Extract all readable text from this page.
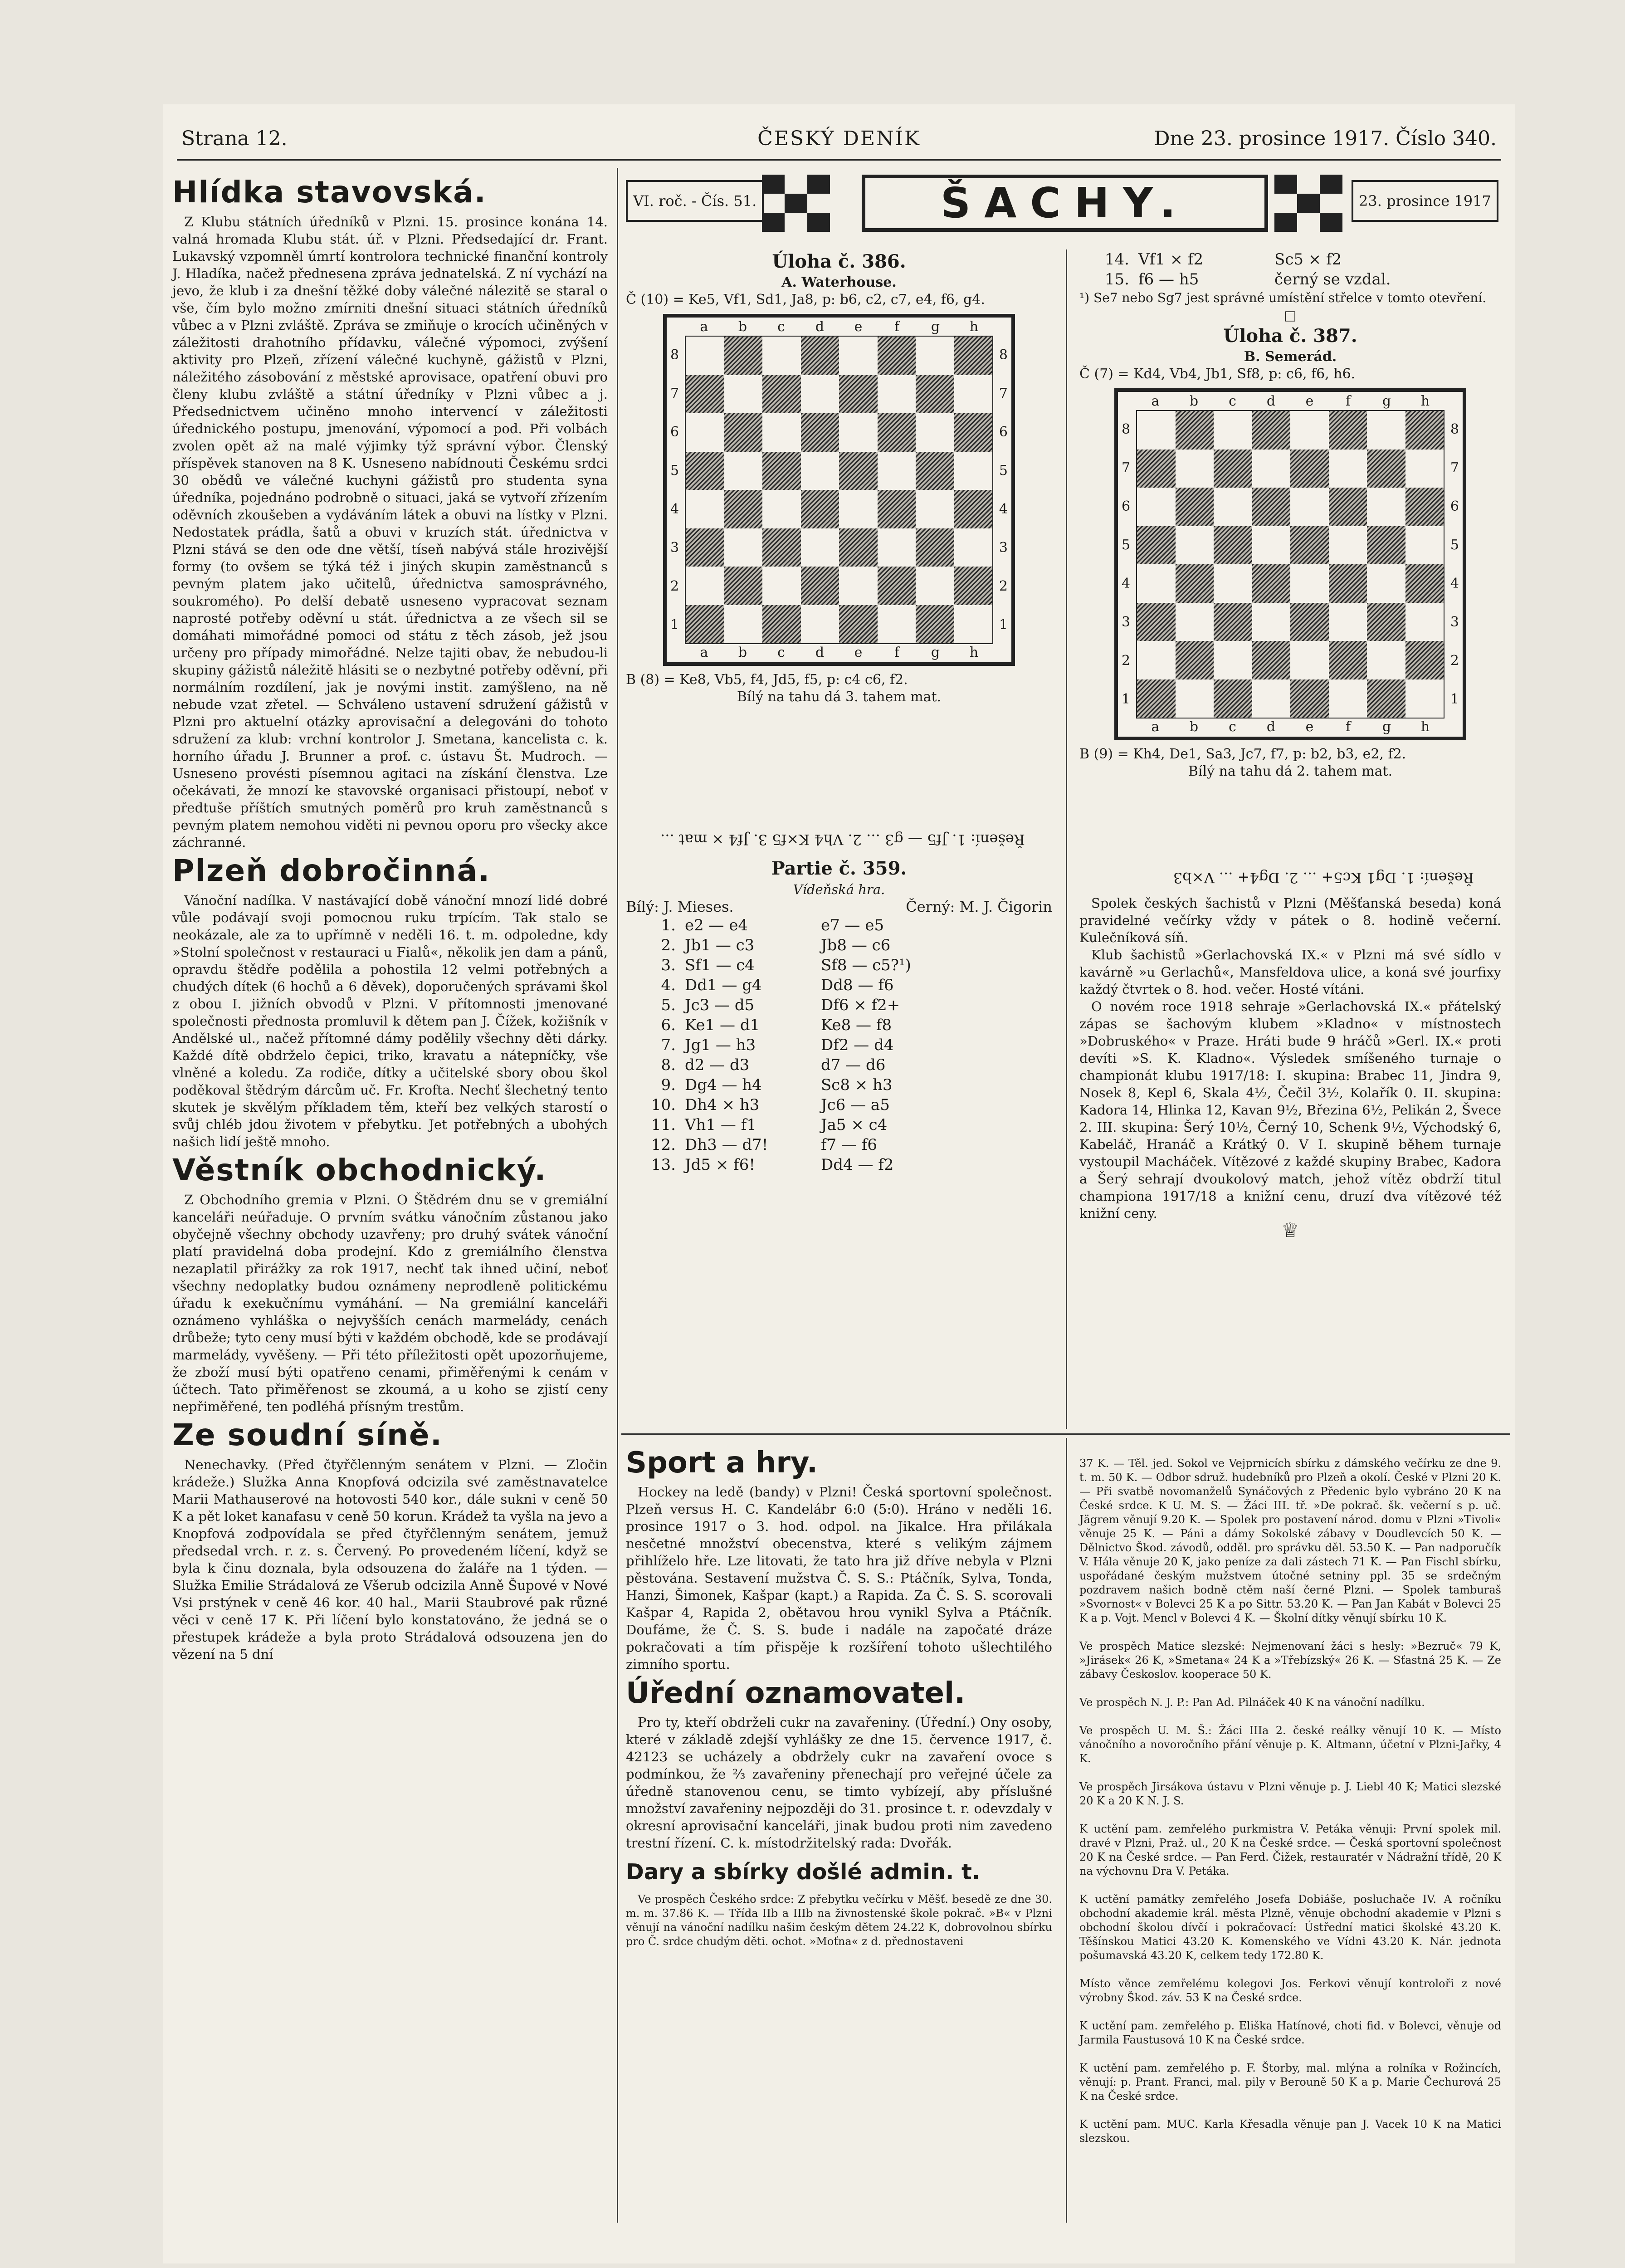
Strana 12.	ČESKÝ DENÍK	Dne 23. prosince 1917. Číslo 340.
Hlídka stavovská.

Z Klubu státních úředníků v Plzni. 15. prosince konána 14. valná hromada Klubu stát. úř. v Plzni. Předsedající dr. Frant. Lukavský vzpomněl úmrtí kontrolora technické finanční kontroly J. Hladíka, načež přednesena zpráva jednatelská. Z ní vychází na jevo, že klub i za dnešní těžké doby válečné nálezitě se staral o vše, čím bylo možno zmírniti dnešní situaci státních úředníků vůbec a v Plzni zvláště. Zpráva se zmiňuje o krocích učiněných v záležitosti drahotního přídavku, válečné výpomoci, zvýšení aktivity pro Plzeň, zřízení válečné kuchyně, gážistů v Plzni, náležitého zásobování z městské aprovisace, opatření obuvi pro členy klubu zvláště a státní úředníky v Plzni vůbec a j. Předsednictvem učiněno mnoho intervencí v záležitosti úřednického postupu, jmenování, výpomocí a pod. Při volbách zvolen opět až na malé výjimky týž správní výbor. Členský příspěvek stanoven na 8 K. Usneseno nabídnouti Českému srdci 30 obědů ve válečné kuchyni gážistů pro studenta syna úředníka, pojednáno podrobně o situaci, jaká se vytvoří zřízením oděvních zkoušeben a vydáváním látek a obuvi na lístky v Plzni. Nedostatek prádla, šatů a obuvi v kruzích stát. úřednictva v Plzni stává se den ode dne větší, tíseň nabývá stále hrozivější formy (to ovšem se týká též i jiných skupin zaměstnanců s pevným platem jako učitelů, úřednictva samosprávného, soukromého). Po delší debatě usneseno vypracovat seznam naprosté potřeby oděvní u stát. úřednictva a ze všech sil se domáhati mimořádné pomoci od státu z těch zásob, jež jsou určeny pro případy mimořádné. Nelze tajiti obav, že nebudou-li skupiny gážistů náležitě hlásiti se o nezbytné potřeby oděvní, při normálním rozdílení, jak je novými instit. zamýšleno, na ně nebude vzat zřetel. — Schváleno ustavení sdružení gážistů v Plzni pro aktuelní otázky aprovisační a delegováni do tohoto sdružení za klub: vrchní kontrolor J. Smetana, kancelista c. k. horního úřadu J. Brunner a prof. c. ústavu Št. Mudroch. — Usneseno provésti písemnou agitaci na získání členstva. Lze očekávati, že mnozí ke stavovské organisaci přistoupí, neboť v předtuše příštích smutných poměrů pro kruh zaměstnanců s pevným platem nemohou viděti ni pevnou oporu pro všecky akce záchranné.

Plzeň dobročinná.

Vánoční nadílka. V nastávající době vánoční mnozí lidé dobré vůle podávají svoji pomocnou ruku trpícím. Tak stalo se neokázale, ale za to upřímně v neděli 16. t. m. odpoledne, kdy »Stolní společnost v restauraci u Fialů«, několik jen dam a pánů, opravdu štědře podělila a pohostila 12 velmi potřebných a chudých dítek (6 hochů a 6 děvek), doporučených správami škol z obou I. jižních obvodů v Plzni. V přítomnosti jmenované společnosti přednosta promluvil k dětem pan J. Čížek, kožišník v Andělské ul., načež přítomné dámy podělily všechny děti dárky. Každé dítě obdrželo čepici, triko, kravatu a nátepníčky, vše vlněné a koledu. Za rodiče, dítky a učitelské sbory obou škol poděkoval štědrým dárcům uč. Fr. Krofta. Nechť šlechetný tento skutek je skvělým příkladem těm, kteří bez velkých starostí o svůj chléb jdou životem v přebytku. Jet potřebných a ubohých našich lidí ještě mnoho.

Věstník obchodnický.

Z Obchodního gremia v Plzni. O Štědrém dnu se v gremiální kanceláři neúřaduje. O prvním svátku vánočním zůstanou jako obyčejně všechny obchody uzavřeny; pro druhý svátek vánoční platí pravidelná doba prodejní. Kdo z gremiálního členstva nezaplatil přirážky za rok 1917, nechť tak ihned učiní, neboť všechny nedoplatky budou oznámeny neprodleně politickému úřadu k exekučnímu vymáhání. — Na gremiální kanceláři oznámeno vyhláška o nejvyšších cenách marmelády, cenách drůbeže; tyto ceny musí býti v každém obchodě, kde se prodávají marmelády, vyvěšeny. — Při této příležitosti opět upozorňujeme, že zboží musí býti opatřeno cenami, přiměřenými k cenám v účtech. Tato přiměřenost se zkoumá, a u koho se zjistí ceny nepřiměřené, ten podléhá přísným trestům.

Ze soudní síně.

Nenechavky. (Před čtyřčlenným senátem v Plzni. — Zločin krádeže.) Služka Anna Knopfová odcizila své zaměstnavatelce Marii Mathauserové na hotovosti 540 kor., dále sukni v ceně 50 K a pět loket kanafasu v ceně 50 korun. Krádež ta vyšla na jevo a Knopfová zodpovídala se před čtyřčlenným senátem, jemuž předsedal vrch. r. z. s. Červený. Po provedeném líčení, když se byla k činu doznala, byla odsouzena do žaláře na 1 týden. — Služka Emilie Strádalová ze Všerub odcizila Anně Šupové v Nové Vsi prstýnek v ceně 46 kor. 40 hal., Marii Staubrové pak různé věci v ceně 17 K. Při líčení bylo konstatováno, že jedná se o přestupek krádeže a byla proto Strádalová odsouzena jen do vězení na 5 dní

VI. roč. - Čís. 51.	ŠACHY.	23. prosince 1917
Úloha č. 386.
A. Waterhouse.
Č (10) = Ke5, Vf1, Sd1, Ja8, p: b6, c2, c7, e4, f6, g4.
a	b	c	d	e	f	g	h
a	b	c	d	e	f	g	h
8
7
6
5
4
3
2
1
8
7
6
5
4
3
2
1
B (8) = Ke8, Vb5, f4, Jd5, f5, p: c4 c6, f2.
Bílý na tahu dá 3. tahem mat.
Řešení: 1. Jf5 — g3 ... 2. Vh4 K×f5 3. Jf4 × mat ...
Partie č. 359.
Vídeňská hra.
Bílý: J. Mieses.	Černý: M. J. Čigorin
1. e2 — e4	e7 — e5
2. Jb1 — c3	Jb8 — c6
3. Sf1 — c4	Sf8 — c5?¹)
4. Dd1 — g4	Dd8 — f6
5. Jc3 — d5	Df6 × f2+
6. Ke1 — d1	Ke8 — f8
7. Jg1 — h3	Df2 — d4
8. d2 — d3	d7 — d6
9. Dg4 — h4	Sc8 × h3
10. Dh4 × h3	Jc6 — a5
11. Vh1 — f1	Ja5 × c4
12. Dh3 — d7!	f7 — f6
13. Jd5 × f6!	Dd4 — f2
14. Vf1 × f2	Sc5 × f2
15. f6 — h5	černý se vzdal.
¹) Se7 nebo Sg7 jest správné umístění střelce v tomto otevření.
□
Úloha č. 387.
B. Semerád.
Č (7) = Kd4, Vb4, Jb1, Sf8, p: c6, f6, h6.
a	b	c	d	e	f	g	h
a	b	c	d	e	f	g	h
8
7
6
5
4
3
2
1
8
7
6
5
4
3
2
1
B (9) = Kh4, De1, Sa3, Jc7, f7, p: b2, b3, e2, f2.
Bílý na tahu dá 2. tahem mat.
Řešení: 1. Dg1 Kc5+ ... 2. Dg4+ ... V×b3

Spolek českých šachistů v Plzni (Měšťanská beseda) koná pravidelné večírky vždy v pátek o 8. hodině večerní. Kulečníková síň.

Klub šachistů »Gerlachovská IX.« v Plzni má své sídlo v kavárně »u Gerlachů«, Mansfeldova ulice, a koná své jourfixy každý čtvrtek o 8. hod. večer. Hosté vítáni.

O novém roce 1918 sehraje »Gerlachovská IX.« přátelský zápas se šachovým klubem »Kladno« v místnostech »Dobruského« v Praze. Hráti bude 9 hráčů »Gerl. IX.« proti devíti »S. K. Kladno«. Výsledek smíšeného turnaje o championát klubu 1917/18: I. skupina: Brabec 11, Jindra 9, Nosek 8, Kepl 6, Skala 4½, Čečil 3½, Kolařík 0. II. skupina: Kadora 14, Hlinka 12, Kavan 9½, Březina 6½, Pelikán 2, Švece 2. III. skupina: Šerý 10½, Černý 10, Schenk 9½, Východský 6, Kabeláč, Hranáč a Krátký 0. V I. skupině během turnaje vystoupil Macháček. Vítězové z každé skupiny Brabec, Kadora a Šerý sehrají dvoukolový match, jehož vítěz obdrží titul championa 1917/18 a knižní cenu, druzí dva vítězové též knižní ceny.

♕
Sport a hry.

Hockey na ledě (bandy) v Plzni! Česká sportovní společnost. Plzeň versus H. C. Kandelábr 6:0 (5:0). Hráno v neděli 16. prosince 1917 o 3. hod. odpol. na Jikalce. Hra přilákala nesčetné množství obecenstva, které s velikým zájmem přihlíželo hře. Lze litovati, že tato hra již dříve nebyla v Plzni pěstována. Sestavení mužstva Č. S. S.: Ptáčník, Sylva, Tonda, Hanzi, Šimonek, Kašpar (kapt.) a Rapida. Za Č. S. S. scorovali Kašpar 4, Rapida 2, obětavou hrou vynikl Sylva a Ptáčník. Doufáme, že Č. S. S. bude i nadále na započaté dráze pokračovati a tím přispěje k rozšíření tohoto ušlechtilého zimního sportu.

Úřední oznamovatel.

Pro ty, kteří obdrželi cukr na zavařeniny. (Úřední.) Ony osoby, které v základě zdejší vyhlášky ze dne 15. července 1917, č. 42123 se ucházely a obdržely cukr na zavaření ovoce s podmínkou, že ⅔ zavařeniny přenechají pro veřejné účele za úředně stanovenou cenu, se timto vybízejí, aby příslušné množství zavařeniny nejpozději do 31. prosince t. r. odevzdaly v okresní aprovisační kanceláři, jinak budou proti nim zavedeno trestní řízení. C. k. místodržitelský rada: Dvořák.

Dary a sbírky došlé admin. t.

Ve prospěch Českého srdce: Z přebytku večírku v Měšť. besedě ze dne 30. m. m. 37.86 K. — Třída IIb a IIIb na živnostenské škole pokrač. »B« v Plzni věnují na vánoční nadílku našim českým dětem 24.22 K, dobrovolnou sbírku pro Č. srdce chudým děti. ochot. »Moťna« z d. přednostaveni

37 K. — Těl. jed. Sokol ve Vejprnicích sbírku z dámského večírku ze dne 9. t. m. 50 K. — Odbor sdruž. hudebníků pro Plzeň a okolí. České v Plzni 20 K. — Při svatbě novomanželů Synáčových z Předenic bylo vybráno 20 K na České srdce. K U. M. S. — Žáci III. tř. »De pokrač. šk. večerní s p. uč. Jägrem věnují 9.20 K. — Spolek pro postavení národ. domu v Plzni »Tivoli« věnuje 25 K. — Páni a dámy Sokolské zábavy v Doudlevcích 50 K. — Dělnictvo Škod. závodů, odděl. pro správku děl. 53.50 K. — Pan nadporučík V. Hála věnuje 20 K, jako peníze za dali zástech 71 K. — Pan Fischl sbírku, uspořádané českým mužstvem útočné setniny ppl. 35 se srdečným pozdravem našich bodně ctěm naší černé Plzni. — Spolek tamburaš »Svornost« v Bolevci 25 K a po Sittr. 53.20 K. — Pan Jan Kabát v Bolevci 25 K a p. Vojt. Mencl v Bolevci 4 K. — Školní dítky věnují sbírku 10 K.

Ve prospěch Matice slezské: Nejmenovaní žáci s hesly: »Bezruč« 79 K, »Jirásek« 26 K, »Smetana« 24 K a »Třebízský« 26 K. — Sťastná 25 K. — Ze zábavy Českoslov. kooperace 50 K.

Ve prospěch N. J. P.: Pan Ad. Pilnáček 40 K na vánoční nadílku.

Ve prospěch U. M. Š.: Žáci IIIa 2. české reálky věnují 10 K. — Místo vánočního a novoročního přání věnuje p. K. Altmann, účetní v Plzni-Jařky, 4 K.

Ve prospěch Jirsákova ústavu v Plzni věnuje p. J. Liebl 40 K; Matici slezské 20 K a 20 K N. J. S.

K uctění pam. zemřelého purkmistra V. Petáka věnuji: První spolek mil. dravé v Plzni, Praž. ul., 20 K na České srdce. — Česká sportovní společnost 20 K na České srdce. — Pan Ferd. Čižek, restauratér v Nádražní třídě, 20 K na výchovnu Dra V. Petáka.

K uctění památky zemřelého Josefa Dobiáše, posluchače IV. A ročníku obchodní akademie král. města Plzně, věnuje obchodní akademie v Plzni s obchodní školou dívčí i pokračovací: Ústřední matici školské 43.20 K. Těšínskou Matici 43.20 K. Komenského ve Vídni 43.20 K. Nár. jednota pošumavská 43.20 K, celkem tedy 172.80 K.

Místo věnce zemřelému kolegovi Jos. Ferkovi věnují kontroloři z nové výrobny Škod. záv. 53 K na České srdce.

K uctění pam. zemřelého p. Eliška Hatínové, choti fid. v Bolevci, věnuje od Jarmila Faustusová 10 K na České srdce.

K uctění pam. zemřelého p. F. Štorby, mal. mlýna a rolníka v Rožincích, věnují: p. Prant. Franci, mal. pily v Berouně 50 K a p. Marie Čechurová 25 K na České srdce.

K uctění pam. MUC. Karla Křesadla věnuje pan J. Vacek 10 K na Matici slezskou.
